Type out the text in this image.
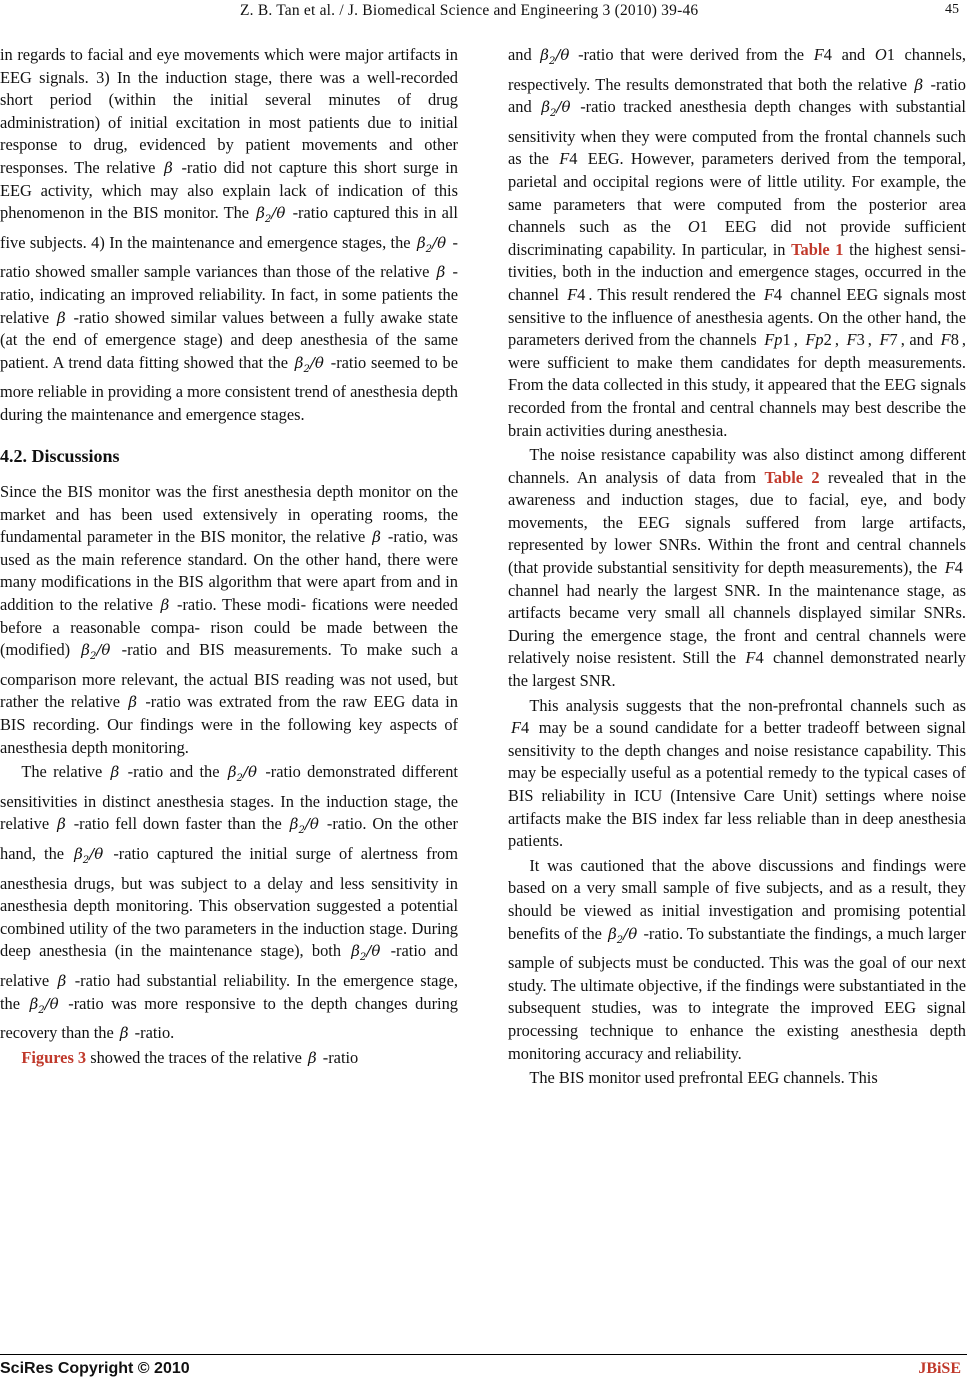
Z. B. Tan et al. / J. Biomedical Science and Engineering 3 (2010) 39-46	45

in regards to facial and eye movements which were major artifacts in EEG signals. 3) In the induction stage, there was a well-recorded short period (within the initial several minutes of drug administration) of initial excitation in most patients due to initial response to drug, evidenced by patient movements and other responses. The relative β -ratio did not capture this short surge in EEG activity, which may also explain lack of indication of this phenomenon in the BIS monitor. The $\beta_2/\theta$ -ratio captured this in all five subjects. 4) In the maintenance and emergence stages, the $\beta_2/\theta$ -ratio showed smaller sample variances than those of the relative β -ratio, indicating an improved reliability. In fact, in some patients the relative β -ratio showed similar values between a fully awake state (at the end of emergence stage) and deep anesthesia of the same patient. A trend data fitting showed that the $\beta_2/\theta$ -ratio seemed to be more reliable in providing a more consistent trend of anesthesia depth during the maintenance and emergence stages.

4.2. Discussions

Since the BIS monitor was the first anesthesia depth monitor on the market and has been used extensively in operating rooms, the fundamental parameter in the BIS monitor, the relative β -ratio, was used as the main reference standard. On the other hand, there were many modifications in the BIS algorithm that were apart from and in addition to the relative β -ratio. These modi- fications were needed before a reasonable compa- rison could be made between the (modified) $\beta_2/\theta$ -ratio and BIS measurements. To make such a comparison more relevant, the actual BIS reading was not used, but rather the relative β -ratio was extrated from the raw EEG data in BIS recording. Our findings were in the following key aspects of anesthesia depth monitoring.

The relative β -ratio and the $\beta_2/\theta$ -ratio demonstrated different sensitivities in distinct anesthesia stages. In the induction stage, the relative β -ratio fell down faster than the $\beta_2/\theta$ -ratio. On the other hand, the $\beta_2/\theta$ -ratio captured the initial surge of alertness from anesthesia drugs, but was subject to a delay and less sensitivity in anesthesia depth monitoring. This observation suggested a potential combined utility of the two parameters in the induction stage. During deep anesthesia (in the maintenance stage), both $\beta_2/\theta$ -ratio and relative β -ratio had substantial reliability. In the emergence stage, the $\beta_2/\theta$ -ratio was more responsive to the depth changes during recovery than the β -ratio.

Figures 3 showed the traces of the relative β -ratio

and $\beta_2/\theta$ -ratio that were derived from the F4 and O1 channels, respectively. The results demonstrated that both the relative β -ratio and $\beta_2/\theta$ -ratio tracked anesthesia depth changes with substantial sensitivity when they were computed from the frontal channels such as the F4 EEG. However, parameters derived from the temporal, parietal and occipital regions were of little utility. For example, the same parameters that were computed from the posterior area channels such as the O1 EEG did not provide sufficient discriminating capability. In particular, in Table 1 the highest sensi- tivities, both in the induction and emergence stages, occurred in the channel F4 . This result rendered the F4 channel EEG signals most sensitive to the influence of anesthesia agents. On the other hand, the parameters derived from the channels Fp1 , Fp2 , F3 , F7 , and F8 , were sufficient to make them candidates for depth measurements. From the data collected in this study, it appeared that the EEG signals recorded from the frontal and central channels may best describe the brain activities during anesthesia.

The noise resistance capability was also distinct among different channels. An analysis of data from Table 2 revealed that in the awareness and induction stages, due to facial, eye, and body movements, the EEG signals suffered from large artifacts, represented by lower SNRs. Within the front and central channels (that provide substantial sensitivity for depth measurements), the F4 channel had nearly the largest SNR. In the maintenance stage, as artifacts became very small all channels displayed similar SNRs. During the emergence stage, the front and central channels were relatively noise resistent. Still the F4 channel demonstrated nearly the largest SNR.

This analysis suggests that the non-prefrontal channels such as F4 may be a sound candidate for a better tradeoff between signal sensitivity to the depth changes and noise resistance capability. This may be especially useful as a potential remedy to the typical cases of BIS reliability in ICU (Intensive Care Unit) settings where noise artifacts make the BIS index far less reliable than in deep anesthesia patients.

It was cautioned that the above discussions and findings were based on a very small sample of five subjects, and as a result, they should be viewed as initial investigation and promising potential benefits of the $\beta_2/\theta$ -ratio. To substantiate the findings, a much larger sample of subjects must be conducted. This was the goal of our next study. The ultimate objective, if the findings were substantiated in the subsequent studies, was to integrate the improved EEG signal processing technique to enhance the existing anesthesia depth monitoring accuracy and reliability.

The BIS monitor used prefrontal EEG channels. This

SciRes Copyright © 2010	JBiSE
